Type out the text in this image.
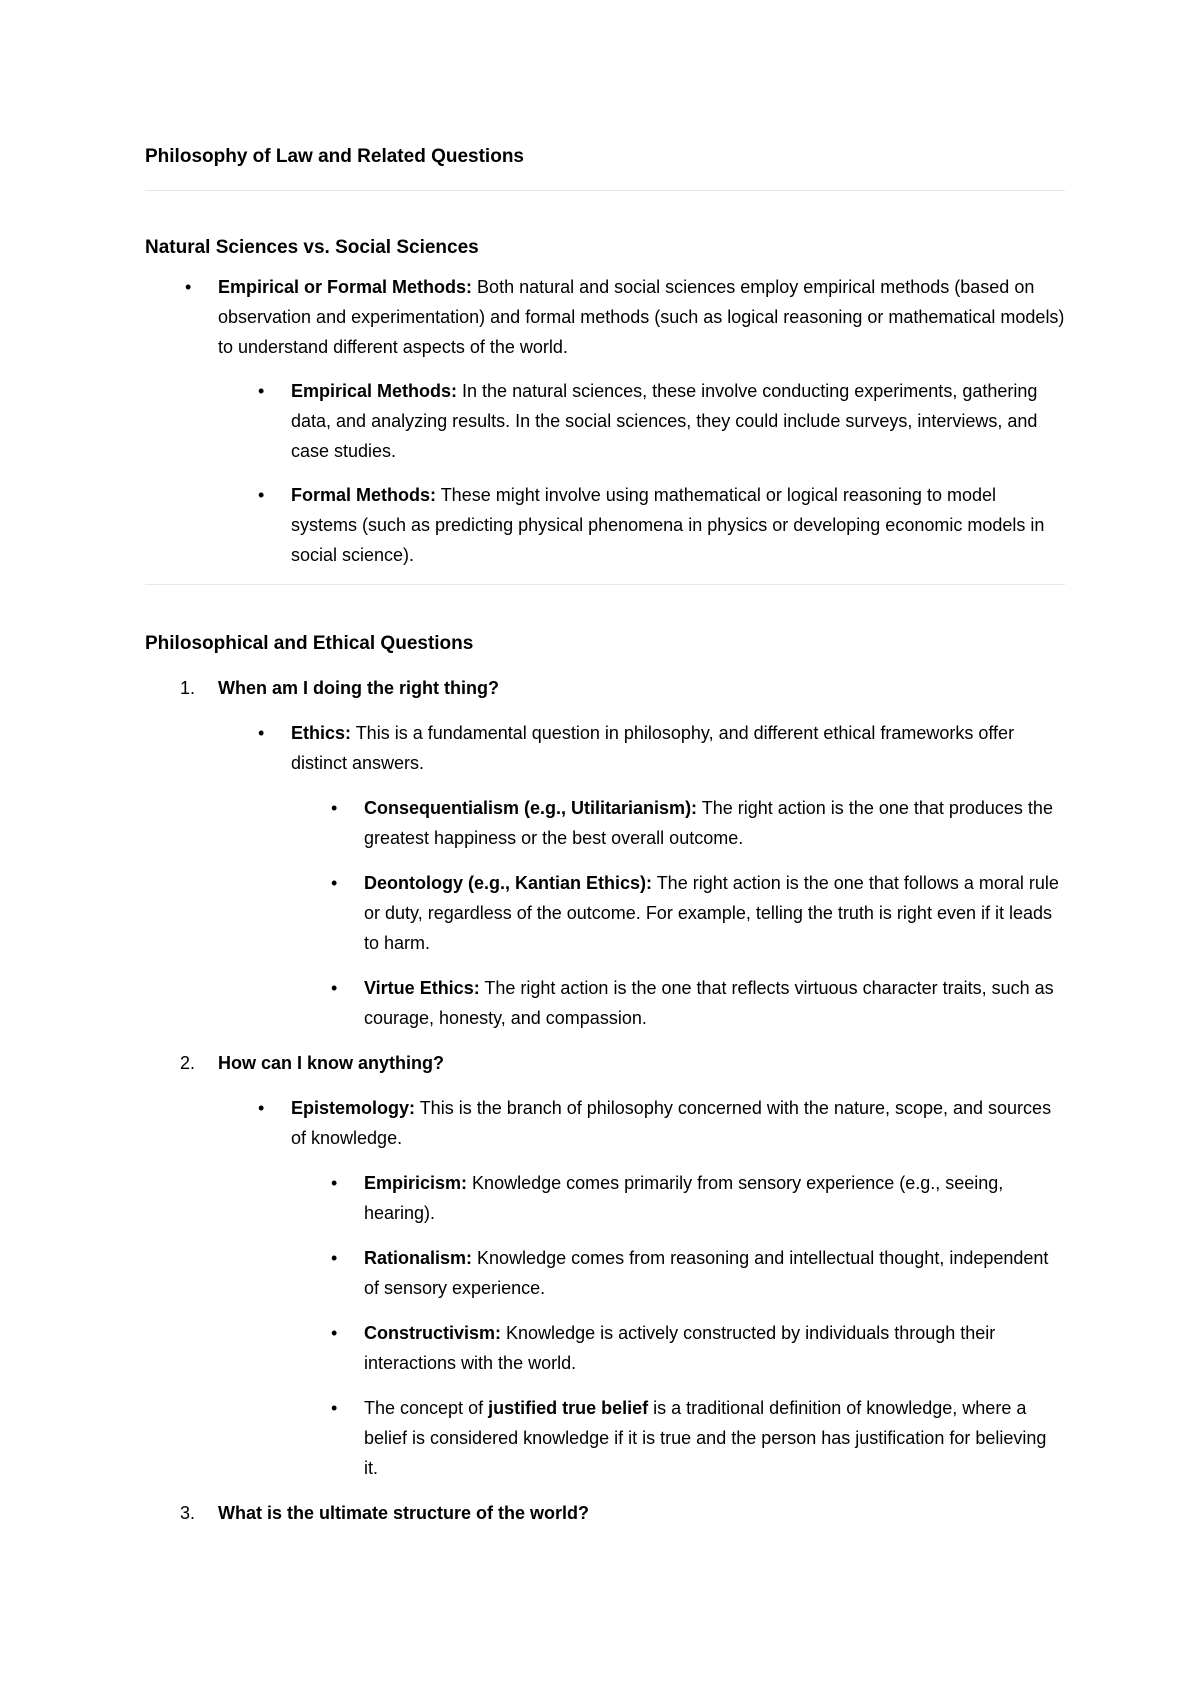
Philosophy of Law and Related Questions
Natural Sciences vs. Social Sciences
• Empirical or Formal Methods: Both natural and social sciences employ empirical methods (based on observation and experimentation) and formal methods (such as logical reasoning or mathematical models) to understand different aspects of the world.

• Empirical Methods: In the natural sciences, these involve conducting experiments, gathering data, and analyzing results. In the social sciences, they could include surveys, interviews, and case studies.

• Formal Methods: These might involve using mathematical or logical reasoning to model systems (such as predicting physical phenomena in physics or developing economic models in social science).

Philosophical and Ethical Questions
1. When am I doing the right thing?

• Ethics: This is a fundamental question in philosophy, and different ethical frameworks offer distinct answers.

• Consequentialism (e.g., Utilitarianism): The right action is the one that produces the greatest happiness or the best overall outcome.

• Deontology (e.g., Kantian Ethics): The right action is the one that follows a moral rule or duty, regardless of the outcome. For example, telling the truth is right even if it leads to harm.

• Virtue Ethics: The right action is the one that reflects virtuous character traits, such as courage, honesty, and compassion.

2. How can I know anything?

• Epistemology: This is the branch of philosophy concerned with the nature, scope, and sources of knowledge.

• Empiricism: Knowledge comes primarily from sensory experience (e.g., seeing, hearing).

• Rationalism: Knowledge comes from reasoning and intellectual thought, independent of sensory experience.

• Constructivism: Knowledge is actively constructed by individuals through their interactions with the world.

• The concept of justified true belief is a traditional definition of knowledge, where a belief is considered knowledge if it is true and the person has justification for believing it.

3. What is the ultimate structure of the world?
